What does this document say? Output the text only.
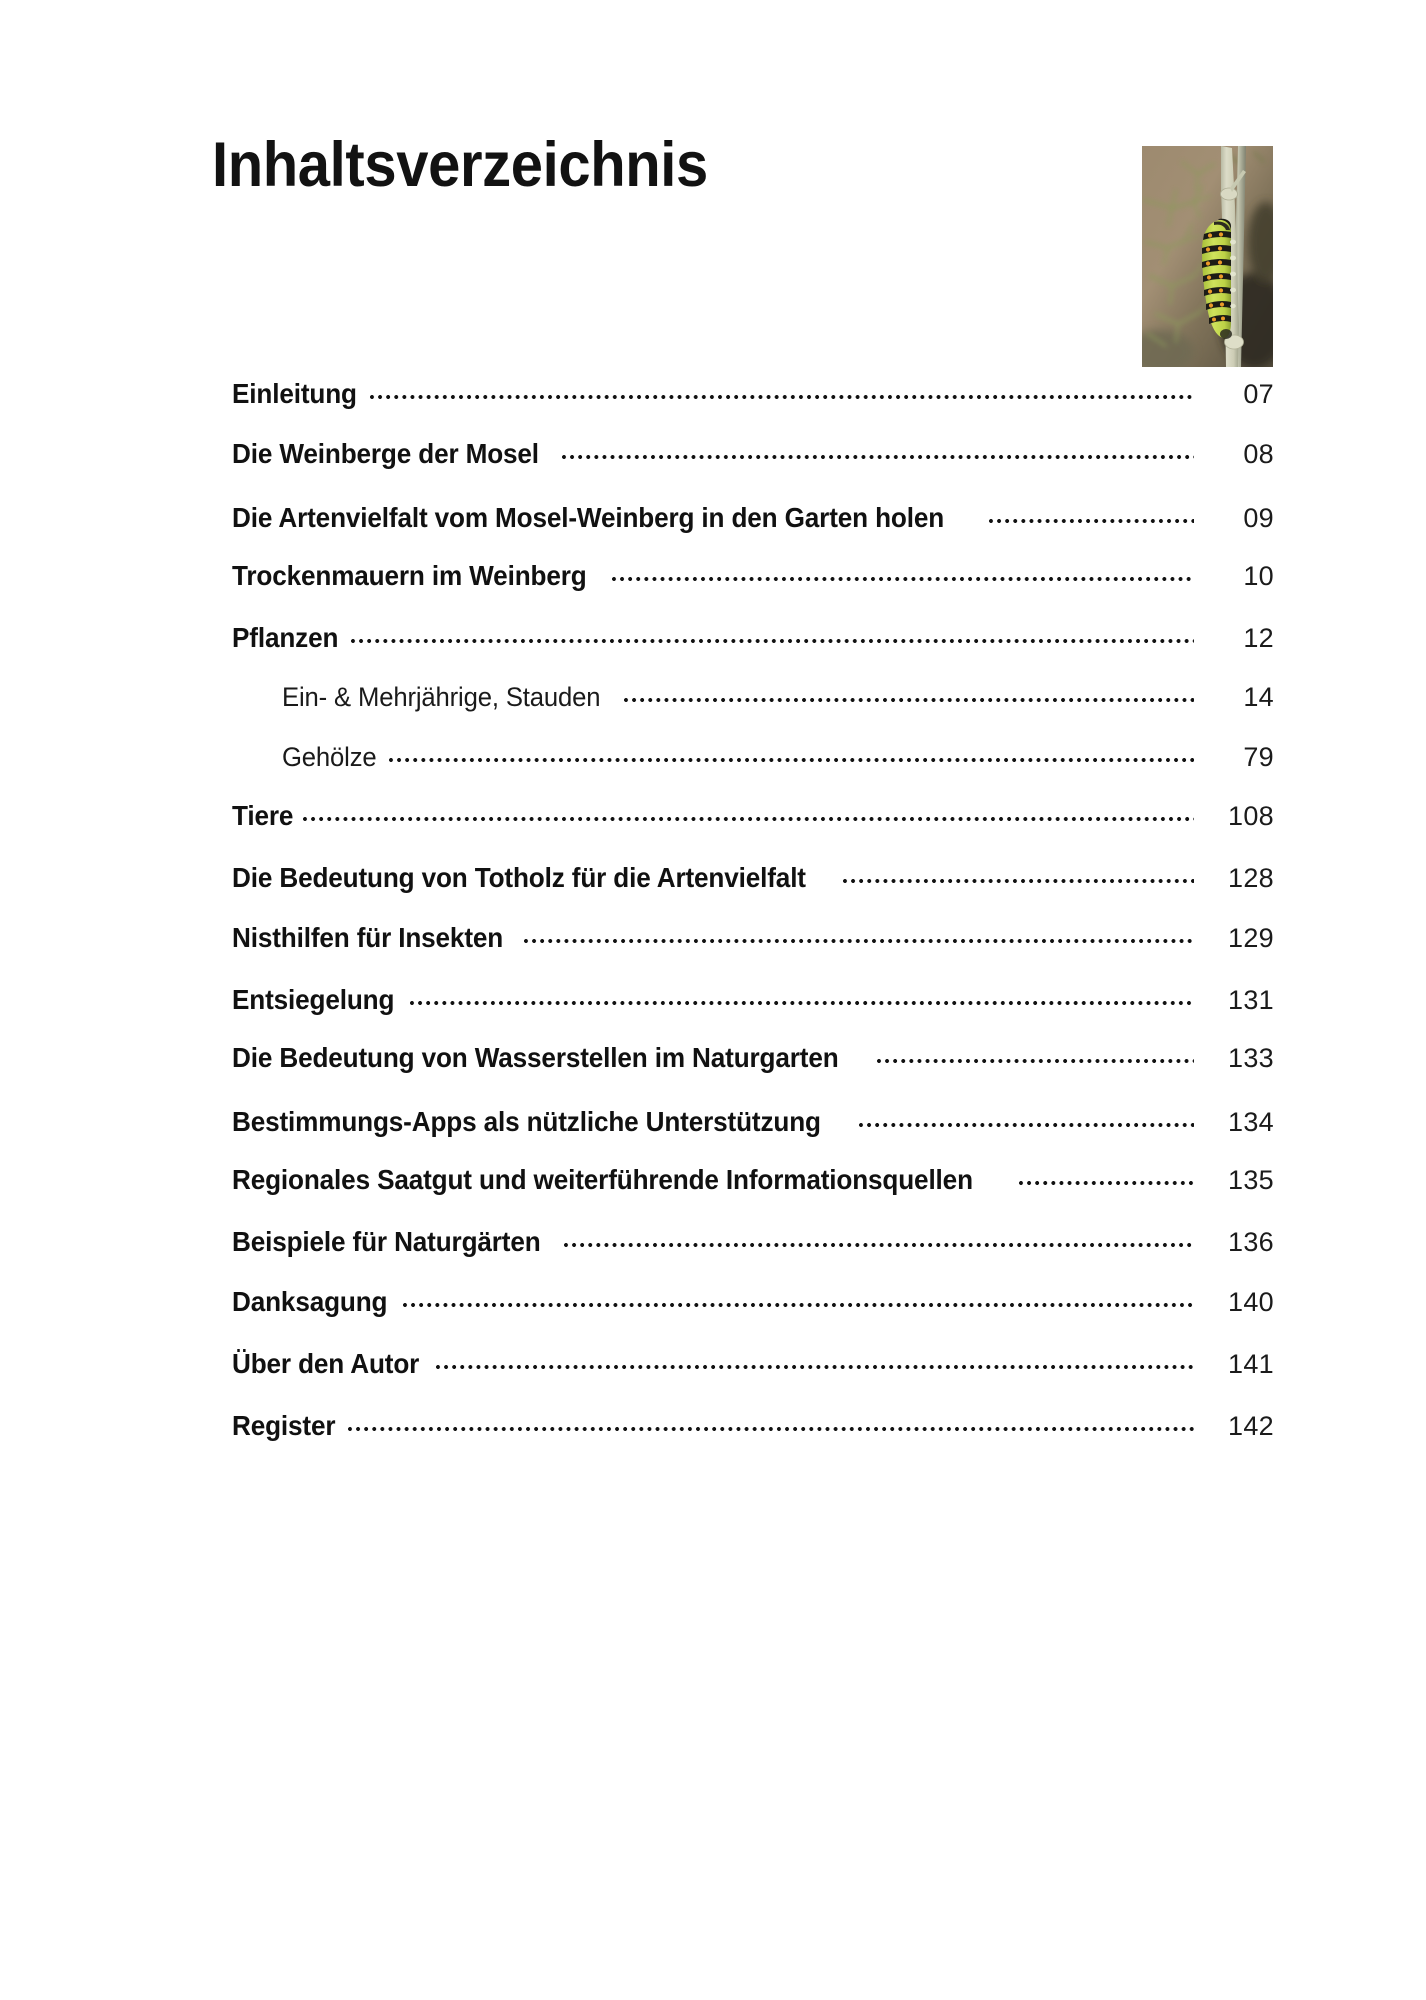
Inhaltsverzeichnis
Einleitung	07
Die Weinberge der Mosel	08
Die Artenvielfalt vom Mosel-Weinberg in den Garten holen	09
Trockenmauern im Weinberg	10
Pflanzen	12
Ein- & Mehrjährige, Stauden	14
Gehölze	79
Tiere	108
Die Bedeutung von Totholz für die Artenvielfalt	128
Nisthilfen für Insekten	129
Entsiegelung	131
Die Bedeutung von Wasserstellen im Naturgarten	133
Bestimmungs-Apps als nützliche Unterstützung	134
Regionales Saatgut und weiterführende Informationsquellen	135
Beispiele für Naturgärten	136
Danksagung	140
Über den Autor	141
Register	142
